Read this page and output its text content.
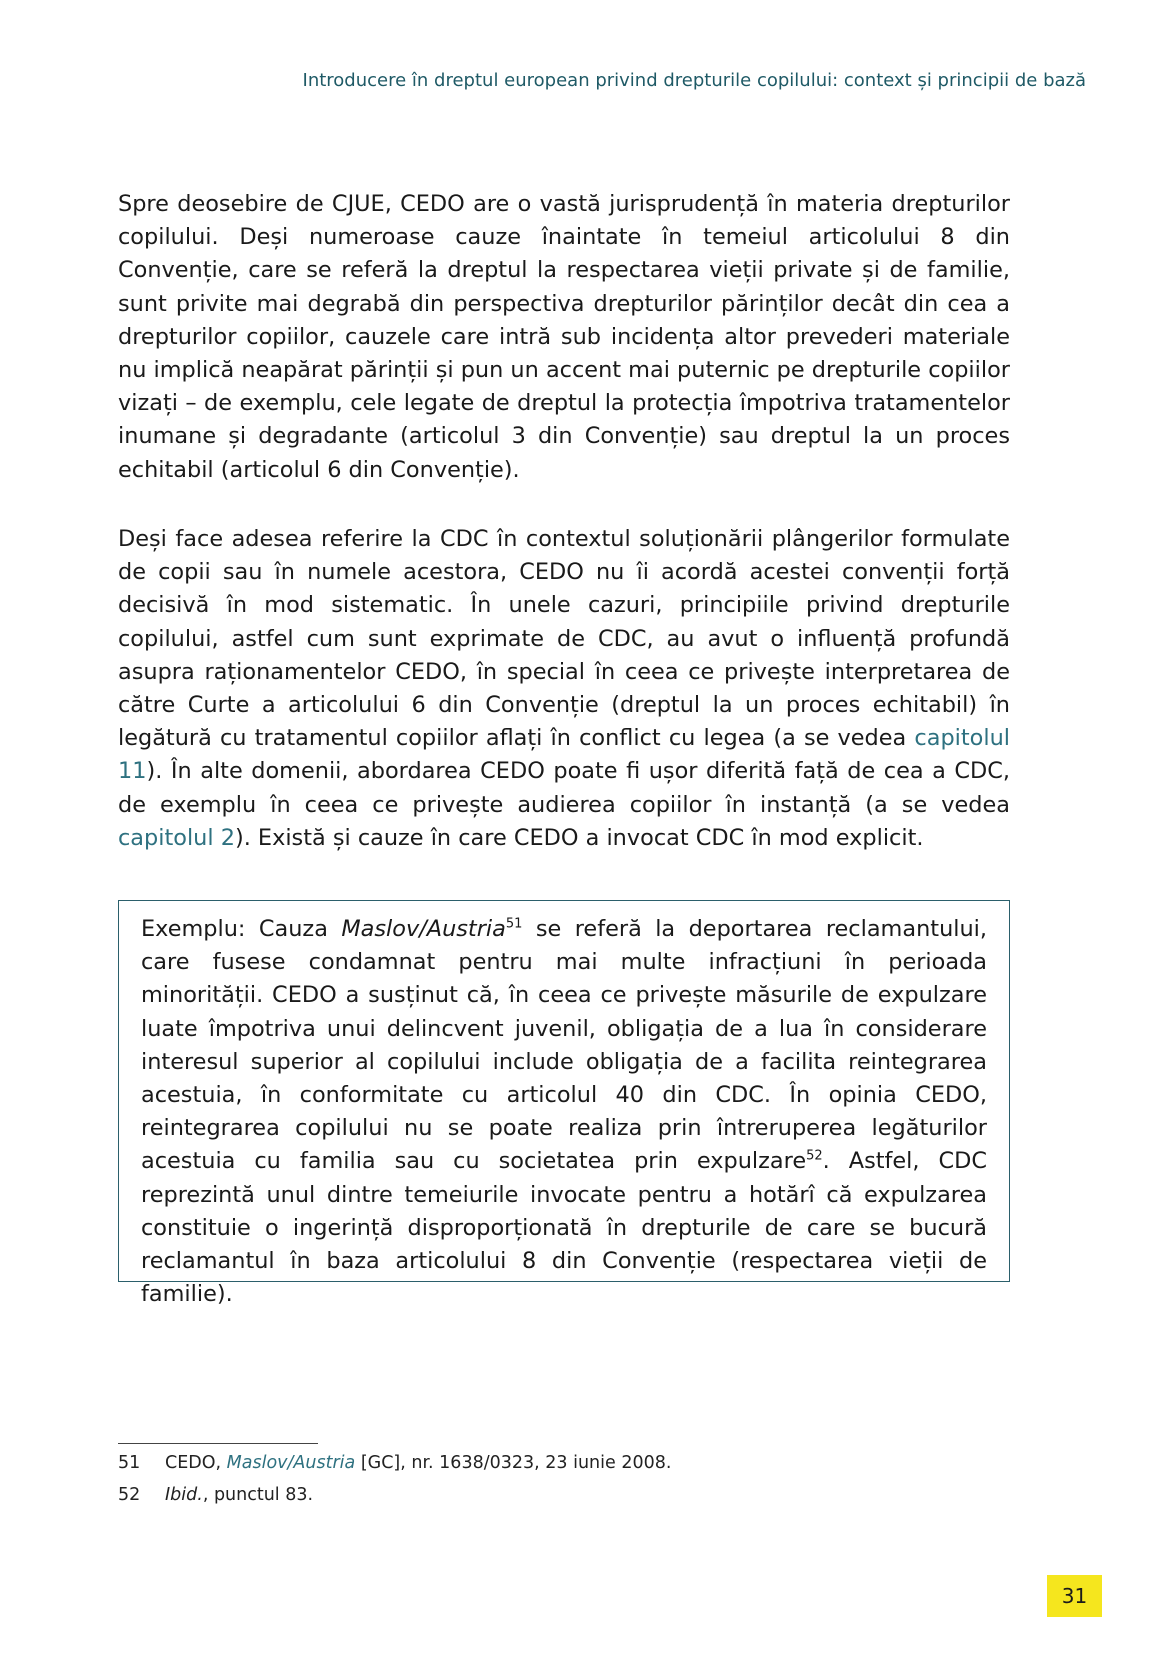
Introducere în dreptul european privind drepturile copilului: context și principii de bază

Spre deosebire de CJUE, CEDO are o vastă jurisprudență în materia drepturilor copilului. Deși numeroase cauze înaintate în temeiul articolului 8 din Convenție, care se referă la dreptul la respectarea vieții private și de familie, sunt privite mai degrabă din perspectiva drepturilor părinților decât din cea a drepturilor copiilor, cauzele care intră sub incidența altor prevederi materiale nu implică neapărat părinții și pun un accent mai puternic pe drepturile copiilor vizați – de exemplu, cele legate de dreptul la protecția împotriva tratamentelor inumane și degradante (articolul 3 din Convenție) sau dreptul la un proces echitabil (articolul 6 din Convenție).

Deși face adesea referire la CDC în contextul soluționării plângerilor formulate de copii sau în numele acestora, CEDO nu îi acordă acestei convenții forță decisivă în mod sistematic. În unele cazuri, principiile privind drepturile copilului, astfel cum sunt exprimate de CDC, au avut o influență profundă asupra raționamentelor CEDO, în special în ceea ce privește interpretarea de către Curte a articolului 6 din Convenție (dreptul la un proces echitabil) în legătură cu tratamentul copiilor aflați în conflict cu legea (a se vedea capitolul 11). În alte domenii, abordarea CEDO poate fi ușor diferită față de cea a CDC, de exemplu în ceea ce privește audierea copiilor în instanță (a se vedea capitolul 2). Există și cauze în care CEDO a invocat CDC în mod explicit.

Exemplu: Cauza Maslov/Austria$^{51}$ se referă la deportarea reclamantului, care fusese condamnat pentru mai multe infracțiuni în perioada minorității. CEDO a susținut că, în ceea ce privește măsurile de expulzare luate împotriva unui delincvent juvenil, obligația de a lua în considerare interesul superior al copilului include obligația de a facilita reintegrarea acestuia, în conformitate cu articolul 40 din CDC. În opinia CEDO, reintegrarea copilului nu se poate realiza prin întreruperea legăturilor acestuia cu familia sau cu societatea prin expulzare$^{52}$. Astfel, CDC reprezintă unul dintre temeiurile invocate pentru a hotărî că expulzarea constituie o ingerință disproporționată în drepturile de care se bucură reclamantul în baza articolului 8 din Convenție (respectarea vieții de familie).

51 CEDO, Maslov/Austria [GC], nr. 1638/0323, 23 iunie 2008.
52 Ibid., punctul 83.
31
